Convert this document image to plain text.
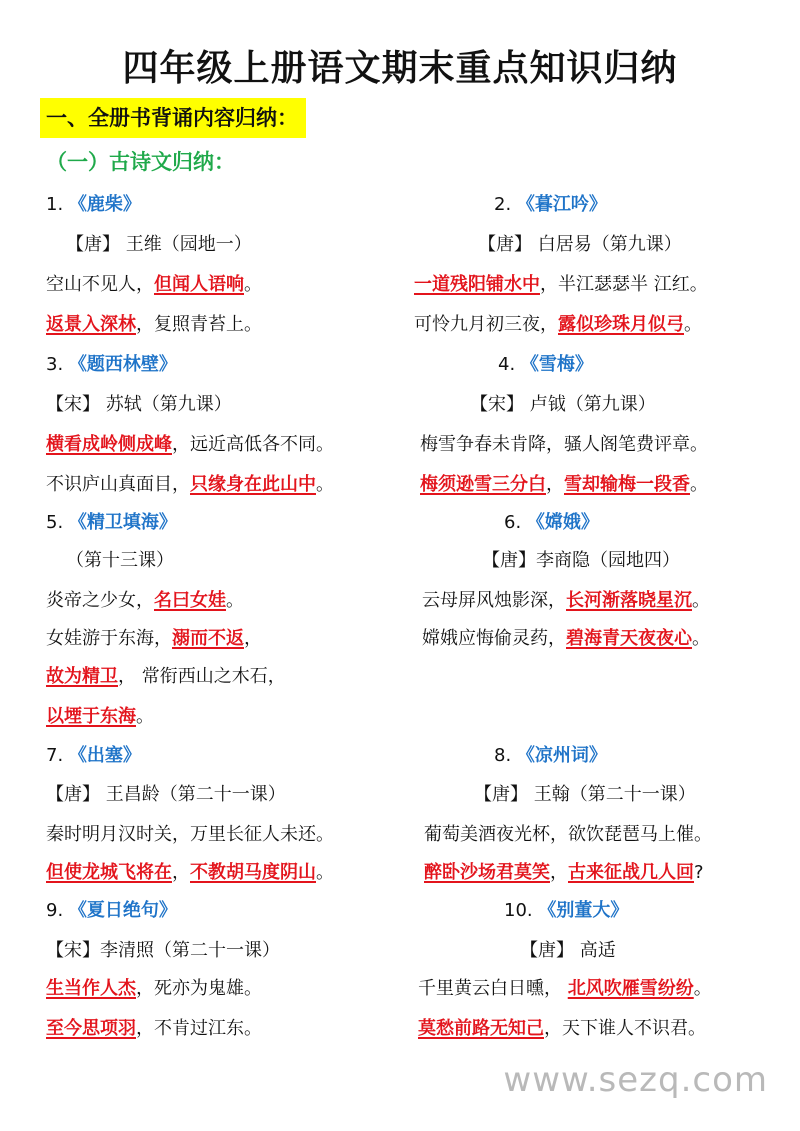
四年级上册语文期末重点知识归纳
一、全册书背诵内容归纳：
（一）古诗文归纳：
1. 《鹿柴》
【唐】 王维（园地一）
空山不见人，但闻人语响。
返景入深林，复照青苔上。
2. 《暮江吟》
【唐】 白居易（第九课）
一道残阳铺水中，半江瑟瑟半 江红。
可怜九月初三夜，露似珍珠月似弓。
3. 《题西林壁》
【宋】 苏轼（第九课）
横看成岭侧成峰，远近高低各不同。
不识庐山真面目，只缘身在此山中。
4. 《雪梅》
【宋】 卢钺（第九课）
梅雪争春未肯降，骚人阁笔费评章。
梅须逊雪三分白，雪却输梅一段香。
5. 《精卫填海》
（第十三课）
炎帝之少女，名曰女娃。
女娃游于东海，溺而不返，
故为精卫， 常衔西山之木石，
以堙于东海。
6. 《嫦娥》
【唐】李商隐（园地四）
云母屏风烛影深，长河渐落晓星沉。
嫦娥应悔偷灵药，碧海青天夜夜心。
7. 《出塞》
【唐】 王昌龄（第二十一课）
秦时明月汉时关，万里长征人未还。
但使龙城飞将在，不教胡马度阴山。
8. 《凉州词》
【唐】 王翰（第二十一课）
葡萄美酒夜光杯，欲饮琵琶马上催。
醉卧沙场君莫笑，古来征战几人回?
9. 《夏日绝句》
【宋】李清照（第二十一课）
生当作人杰，死亦为鬼雄。
至今思项羽，不肯过江东。
10. 《别董大》
【唐】 高适
千里黄云白日曛， 北风吹雁雪纷纷。
莫愁前路无知己，天下谁人不识君。
www.sezq.com
